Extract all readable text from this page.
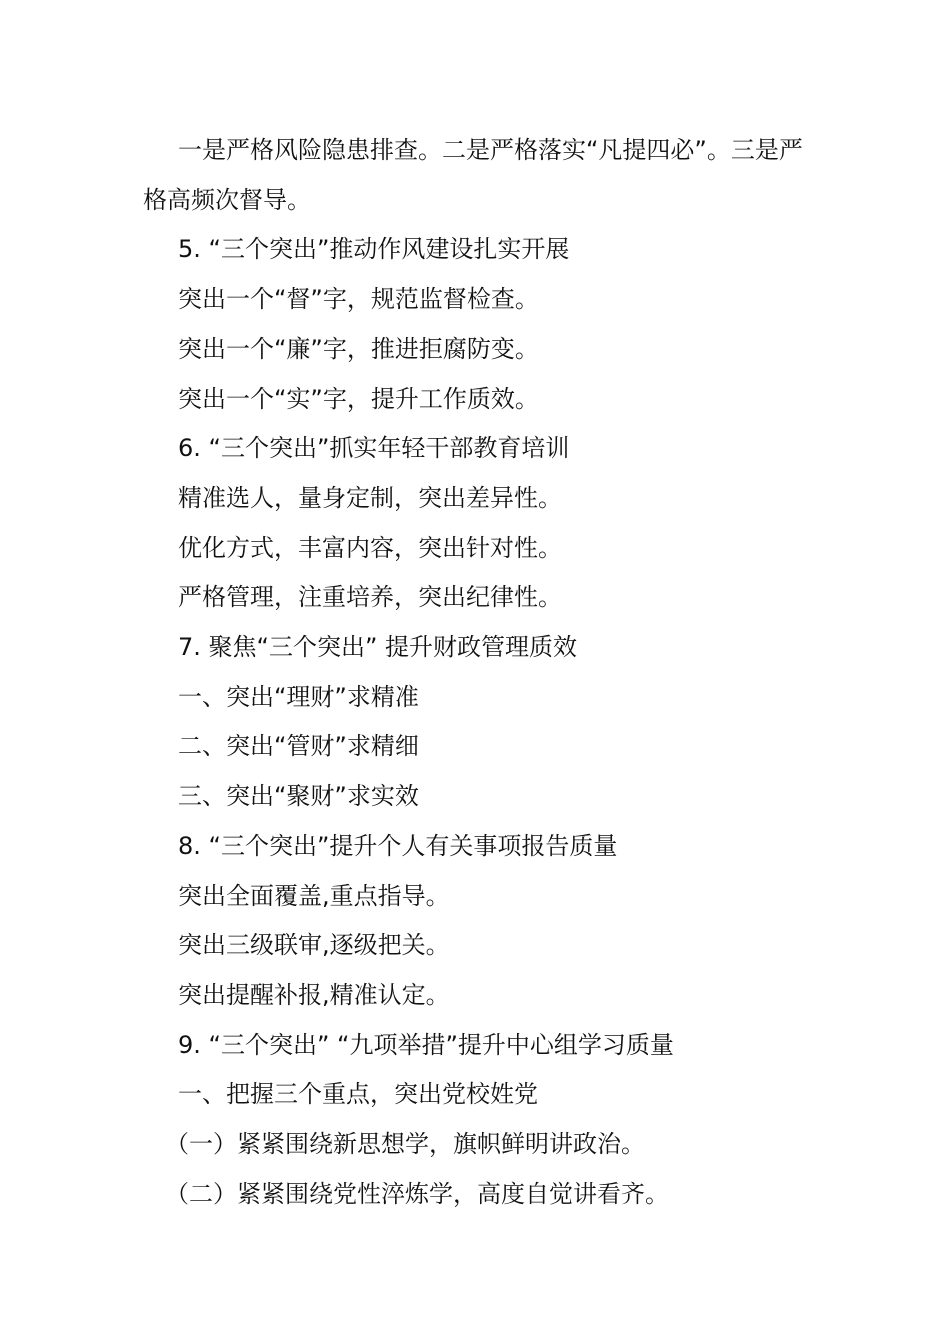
一是严格风险隐患排查。二是严格落实“凡提四必”。三是严格高频次督导。
5. “三个突出”推动作风建设扎实开展
突出一个“督”字，规范监督检查。
突出一个“廉”字，推进拒腐防变。
突出一个“实”字，提升工作质效。
6. “三个突出”抓实年轻干部教育培训
精准选人，量身定制，突出差异性。
优化方式，丰富内容，突出针对性。
严格管理，注重培养，突出纪律性。
7. 聚焦“三个突出” 提升财政管理质效
一、突出“理财”求精准
二、突出“管财”求精细
三、突出“聚财”求实效
8. “三个突出”提升个人有关事项报告质量
突出全面覆盖,重点指导。
突出三级联审,逐级把关。
突出提醒补报,精准认定。
9. “三个突出” “九项举措”提升中心组学习质量
一、把握三个重点，突出党校姓党
（一）紧紧围绕新思想学，旗帜鲜明讲政治。
（二）紧紧围绕党性淬炼学，高度自觉讲看齐。
